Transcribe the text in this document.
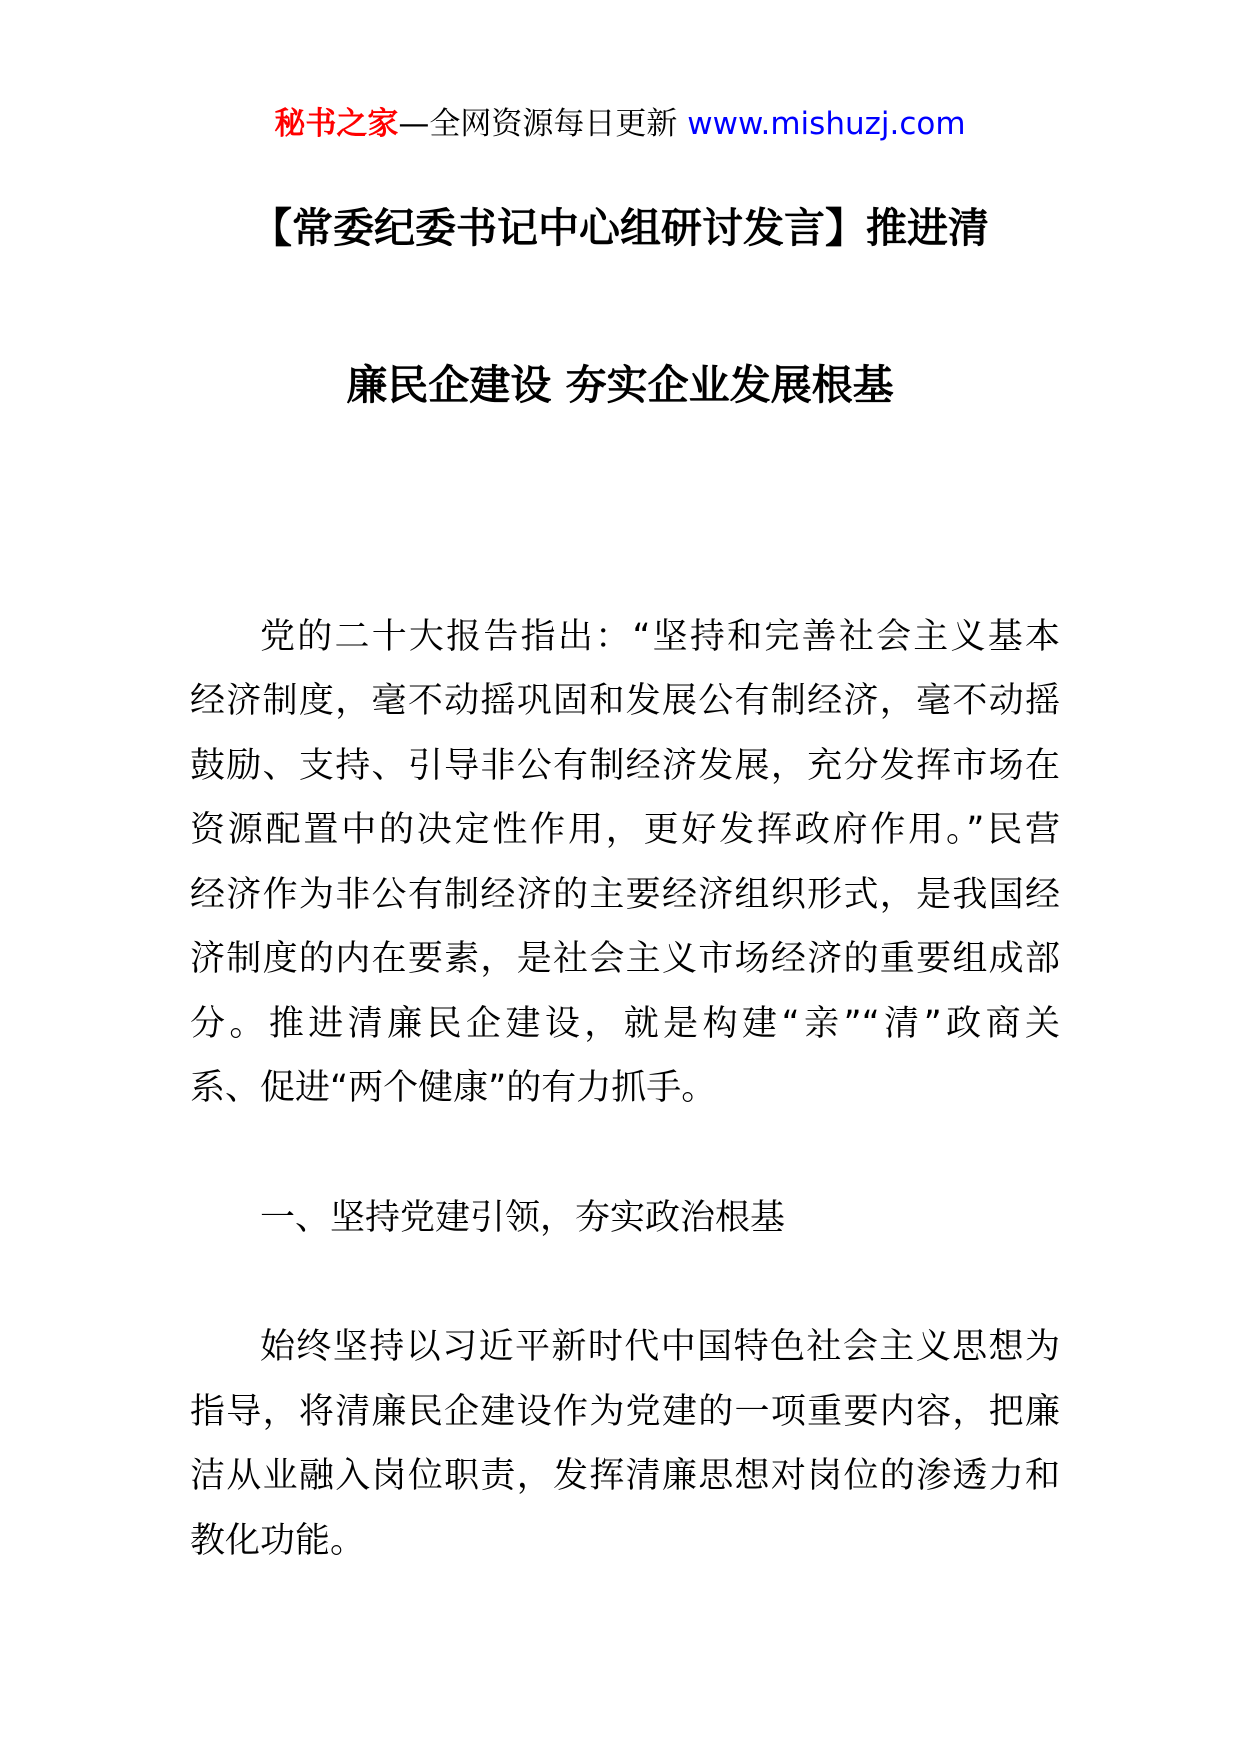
秘书之家—全网资源每日更新 www.mishuzj.com
【常委纪委书记中心组研讨发言】推进清
廉民企建设 夯实企业发展根基
党的二十大报告指出：“坚持和完善社会主义基本
经济制度，毫不动摇巩固和发展公有制经济，毫不动摇
鼓励、支持、引导非公有制经济发展，充分发挥市场在
资源配置中的决定性作用，更好发挥政府作用。”民营
经济作为非公有制经济的主要经济组织形式，是我国经
济制度的内在要素，是社会主义市场经济的重要组成部
分。推进清廉民企建设，就是构建“亲”“清”政商关
系、促进“两个健康”的有力抓手。
一、坚持党建引领，夯实政治根基
始终坚持以习近平新时代中国特色社会主义思想为
指导，将清廉民企建设作为党建的一项重要内容，把廉
洁从业融入岗位职责，发挥清廉思想对岗位的渗透力和
教化功能。
